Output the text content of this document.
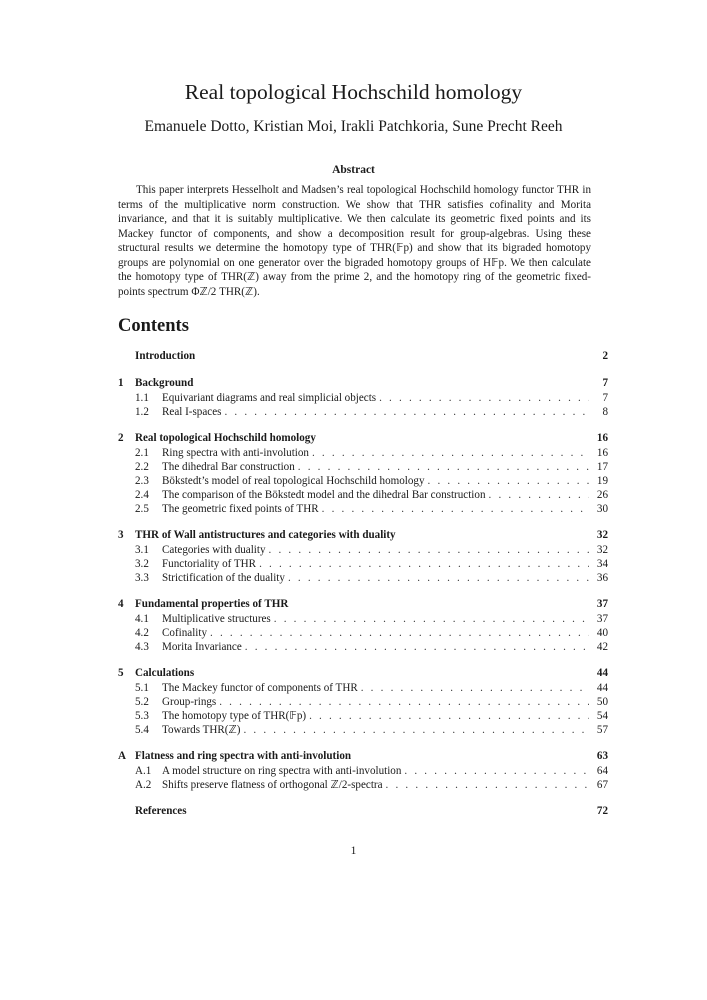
Real topological Hochschild homology
Emanuele Dotto, Kristian Moi, Irakli Patchkoria, Sune Precht Reeh
Abstract

This paper interprets Hesselholt and Madsen’s real topological Hochschild homology functor THR in terms of the multiplicative norm construction. We show that THR satisfies cofinality and Morita invariance, and that it is suitably multiplicative. We then calculate its geometric fixed points and its Mackey functor of components, and show a decomposition result for group-algebras. Using these structural results we determine the homotopy type of THR(𝔽p) and show that its bigraded homotopy groups are polynomial on one generator over the bigraded homotopy groups of H𝔽p. We then calculate the homotopy type of THR(ℤ) away from the prime 2, and the homotopy ring of the geometric fixed-points spectrum Φℤ/2 THR(ℤ).

Contents
Introduction	2
1	Background	7
1.1	Equivariant diagrams and real simplicial objects . . .	7
1.2	Real I-spaces . . .	8
2	Real topological Hochschild homology	16
2.1	Ring spectra with anti-involution . . .	16
2.2	The dihedral Bar construction . . .	17
2.3	Bökstedt’s model of real topological Hochschild homology . . .	19
2.4	The comparison of the Bökstedt model and the dihedral Bar construction . . .	26
2.5	The geometric fixed points of THR . . .	30
3	THR of Wall antistructures and categories with duality	32
3.1	Categories with duality . . .	32
3.2	Functoriality of THR . . .	34
3.3	Strictification of the duality . . .	36
4	Fundamental properties of THR	37
4.1	Multiplicative structures . . .	37
4.2	Cofinality . . .	40
4.3	Morita Invariance . . .	42
5	Calculations	44
5.1	The Mackey functor of components of THR . . .	44
5.2	Group-rings . . .	50
5.3	The homotopy type of THR(𝔽p) . . .	54
5.4	Towards THR(ℤ) . . .	57
A Flatness and ring spectra with anti-involution	63
A.1 A model structure on ring spectra with anti-involution . . .	64
A.2 Shifts preserve flatness of orthogonal ℤ/2-spectra . . .	67
References	72
1
